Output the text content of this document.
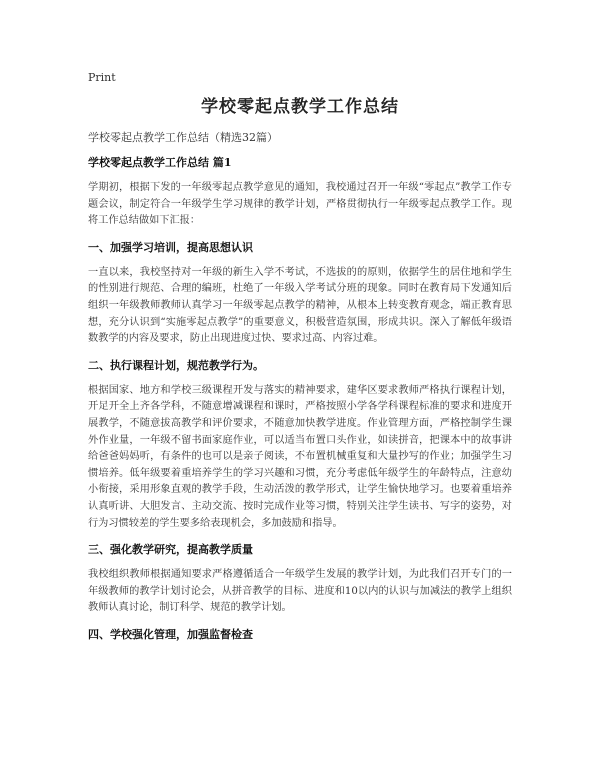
Print
学校零起点教学工作总结

学校零起点教学工作总结（精选32篇）

学校零起点教学工作总结 篇1

学期初，根据下发的一年级零起点教学意见的通知，我校通过召开一年级“零起点”教学工作专题会议，制定符合一年级学生学习规律的教学计划，严格贯彻执行一年级零起点教学工作。现将工作总结做如下汇报：

一、加强学习培训，提高思想认识

一直以来，我校坚持对一年级的新生入学不考试，不选拔的的原则，依据学生的居住地和学生的性别进行规范、合理的编班，杜绝了一年级入学考试分班的现象。同时在教育局下发通知后组织一年级教师教师认真学习一年级零起点教学的精神，从根本上转变教育观念，端正教育思想，充分认识到“实施零起点教学”的重要意义，积极营造氛围，形成共识。深入了解低年级语数教学的内容及要求，防止出现进度过快、要求过高、内容过难。

二、执行课程计划，规范教学行为。

根据国家、地方和学校三级课程开发与落实的精神要求，建华区要求教师严格执行课程计划，开足开全上齐各学科，不随意增减课程和课时，严格按照小学各学科课程标准的要求和进度开展教学，不随意拔高教学和评价要求，不随意加快教学进度。作业管理方面，严格控制学生课外作业量，一年级不留书面家庭作业，可以适当布置口头作业，如读拼音，把课本中的故事讲给爸爸妈妈听，有条件的也可以是亲子阅读，不布置机械重复和大量抄写的作业；加强学生习惯培养。低年级要着重培养学生的学习兴趣和习惯，充分考虑低年级学生的年龄特点，注意幼小衔接，采用形象直观的教学手段，生动活泼的教学形式，让学生愉快地学习。也要着重培养认真听讲、大胆发言、主动交流、按时完成作业等习惯，特别关注学生读书、写字的姿势，对行为习惯较差的学生要多给表现机会，多加鼓励和指导。

三、强化教学研究，提高教学质量

我校组织教师根据通知要求严格遵循适合一年级学生发展的教学计划，为此我们召开专门的一年级教师的教学计划讨论会，从拼音教学的目标、进度和10以内的认识与加减法的教学上组织教师认真讨论，制订科学、规范的教学计划。

四、学校强化管理，加强监督检查
